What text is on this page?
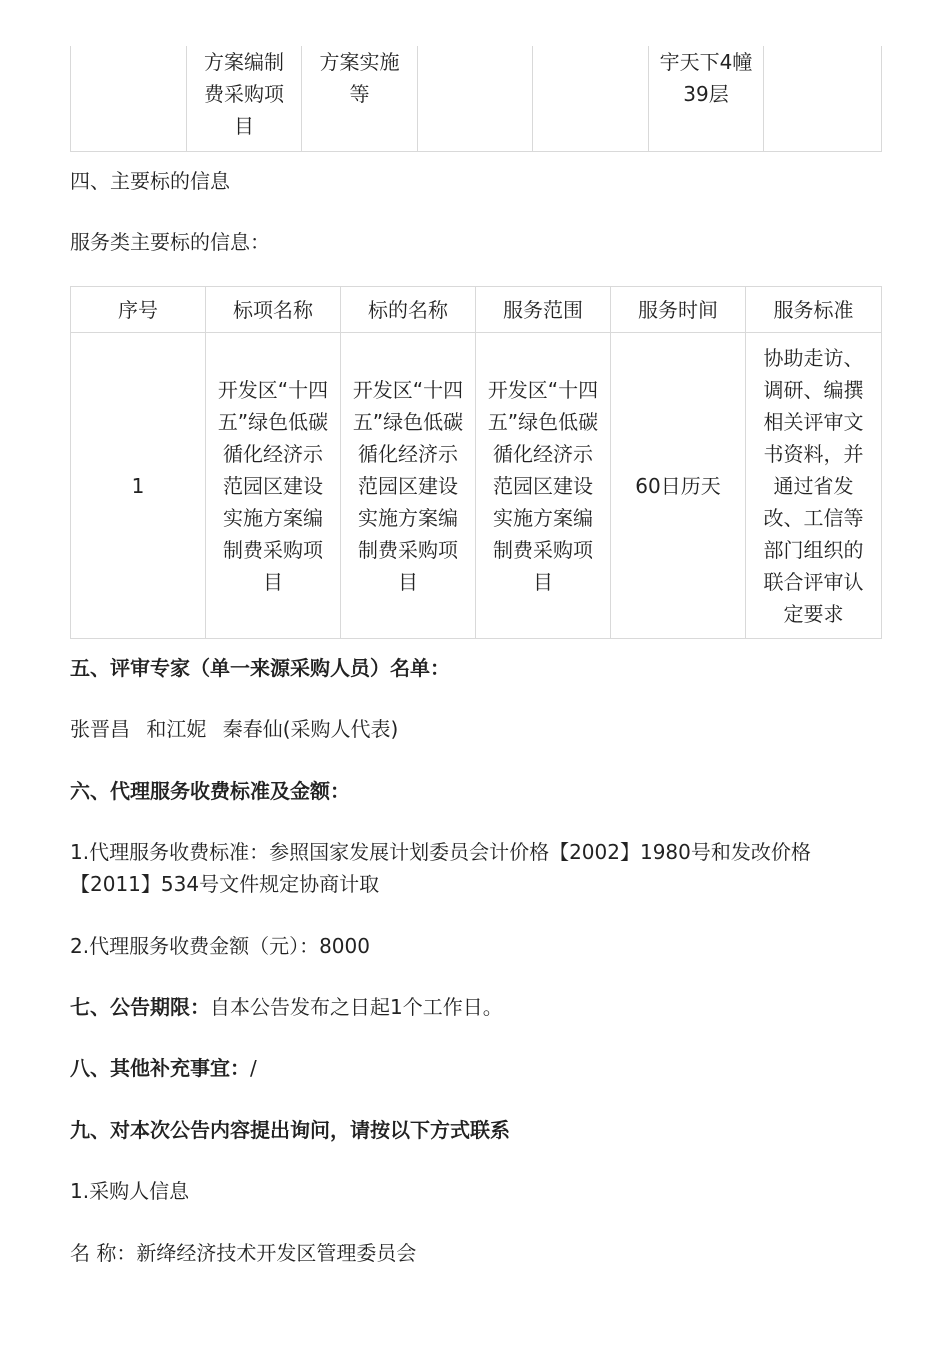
	方案编制费采购项目	方案实施等			宇天下4幢39层	
四、主要标的信息
服务类主要标的信息：
序号	标项名称	标的名称	服务范围	服务时间	服务标准
1	开发区“十四五”绿色低碳循化经济示范园区建设实施方案编制费采购项目	开发区“十四五”绿色低碳循化经济示范园区建设实施方案编制费采购项目	开发区“十四五”绿色低碳循化经济示范园区建设实施方案编制费采购项目	60日历天	协助走访、调研、编撰相关评审文书资料，并通过省发改、工信等部门组织的联合评审认定要求
五、评审专家（单一来源采购人员）名单：
张晋昌 和江妮 秦春仙(采购人代表)
六、代理服务收费标准及金额：
1.代理服务收费标准：参照国家发展计划委员会计价格【2002】1980号和发改价格【2011】534号文件规定协商计取
2.代理服务收费金额（元）：8000
七、公告期限：自本公告发布之日起1个工作日。
八、其他补充事宜：/
九、对本次公告内容提出询问，请按以下方式联系
1.采购人信息
名 称：新绛经济技术开发区管理委员会
